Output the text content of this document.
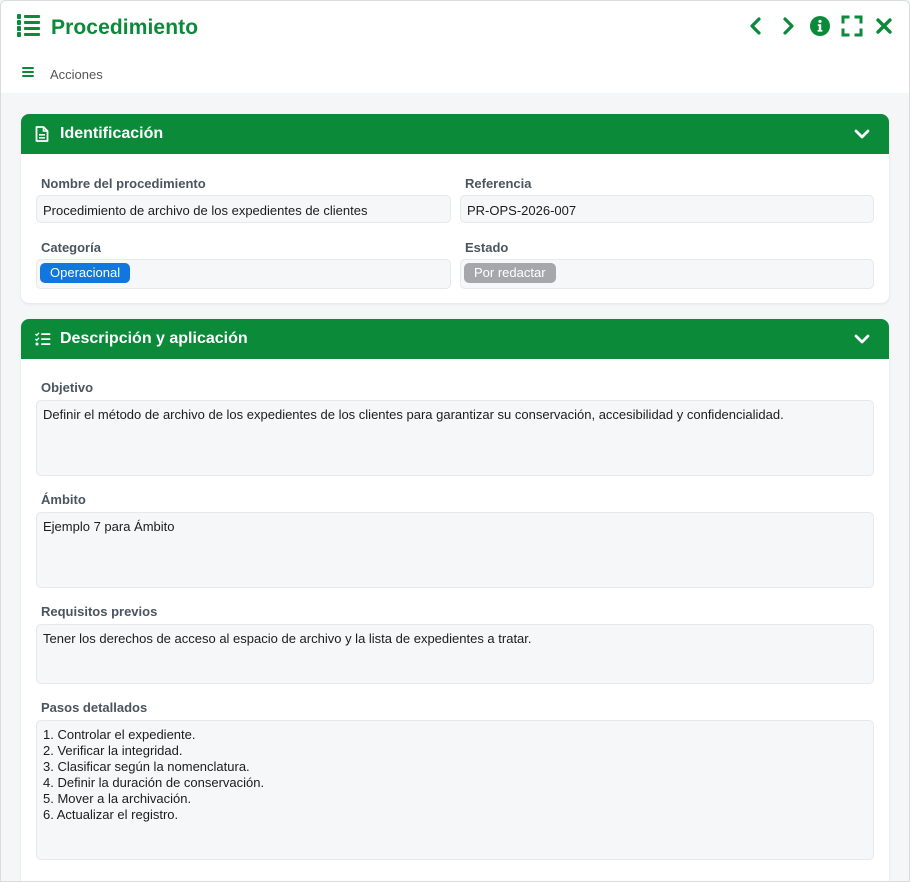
Procedimiento
Acciones
Identificación
Nombre del procedimiento
Procedimiento de archivo de los expedientes de clientes
Referencia
PR-OPS-2026-007
Categoría
Operacional
Estado
Por redactar
Descripción y aplicación
Objetivo
Definir el método de archivo de los expedientes de los clientes para garantizar su conservación, accesibilidad y confidencialidad.
Ámbito
Ejemplo 7 para Ámbito
Requisitos previos
Tener los derechos de acceso al espacio de archivo y la lista de expedientes a tratar.
Pasos detallados
1. Controlar el expediente.
2. Verificar la integridad.
3. Clasificar según la nomenclatura.
4. Definir la duración de conservación.
5. Mover a la archivación.
6. Actualizar el registro.
